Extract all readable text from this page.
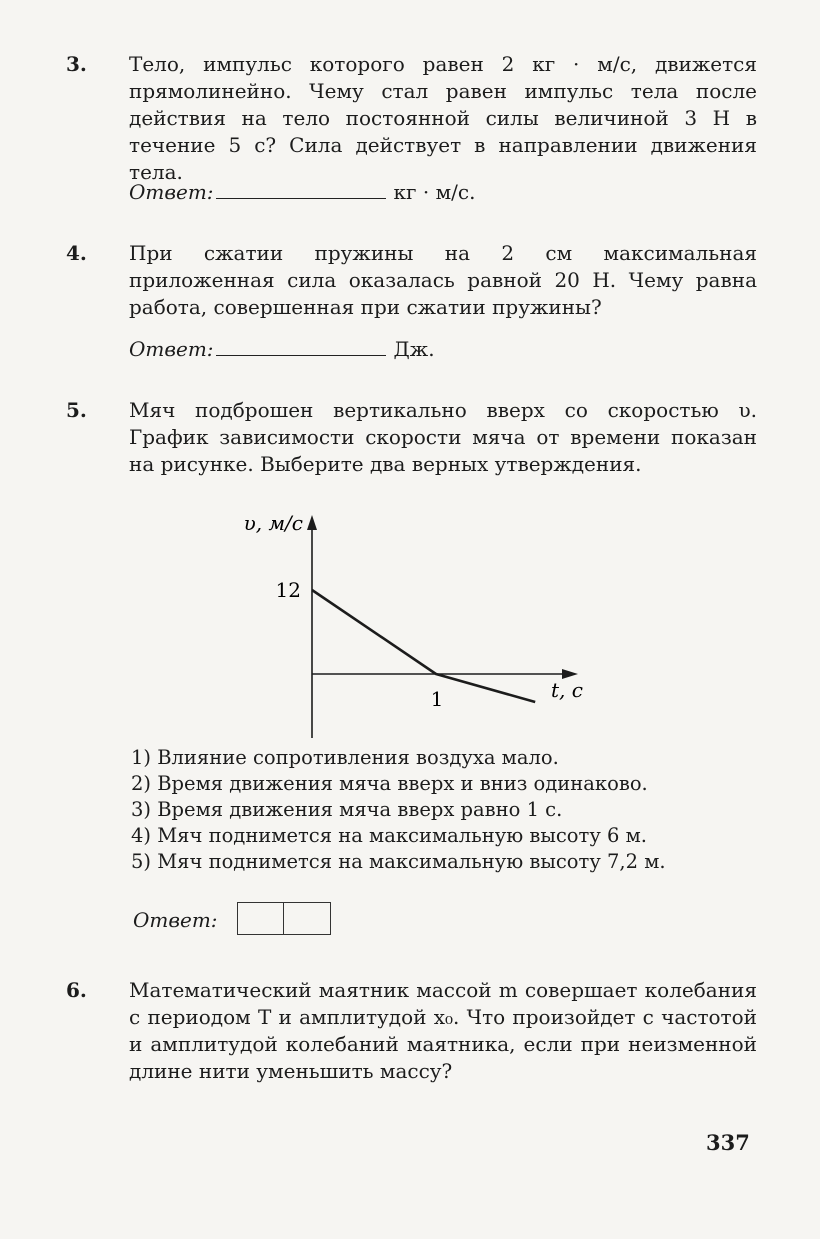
3. Тело, импульс которого равен 2 кг · м/с, движется прямолинейно. Чему стал равен импульс тела после действия на тело постоянной силы величиной 3 Н в течение 5 с? Сила действует в направлении движения тела.
Ответ:	кг · м/с.
4. При сжатии пружины на 2 см максимальная приложенная сила оказалась равной 20 Н. Чему равна работа, совершенная при сжатии пружины?
Ответ:	Дж.
5. Мяч подброшен вертикально вверх со скоростью υ. График зависимости скорости мяча от времени показан на рисунке. Выберите два верных утверждения.
1) Влияние сопротивления воздуха мало.
2) Время движения мяча вверх и вниз одинаково.
3) Время движения мяча вверх равно 1 с.
4) Мяч поднимется на максимальную высоту 6 м.
5) Мяч поднимется на максимальную высоту 7,2 м.
Ответ:
υ, м/с
t, с
12
1
6. Математический маятник массой m совершает колебания с периодом T и амплитудой x₀. Что произойдет с частотой и амплитудой колебаний маятника, если при неизменной длине нити уменьшить массу?
337
